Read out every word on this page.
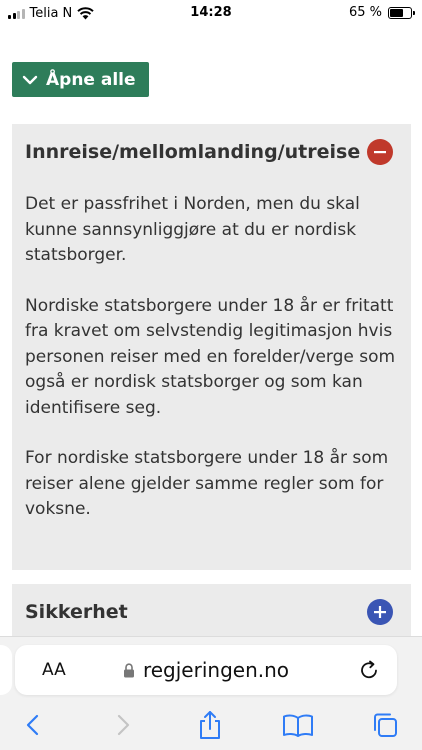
Telia N	14:28	65 %
Åpne alle
Innreise/mellomlanding/utreise

Det er passfrihet i Norden, men du skal kunne sannsynliggjøre at du er nordisk statsborger.

Nordiske statsborgere under 18 år er fritatt fra kravet om selvstendig legitimasjon hvis personen reiser med en forelder/verge som også er nordisk statsborger og som kan identifisere seg.

For nordiske statsborgere under 18 år som reiser alene gjelder samme regler som for voksne.

Sikkerhet
AA	regjeringen.no
